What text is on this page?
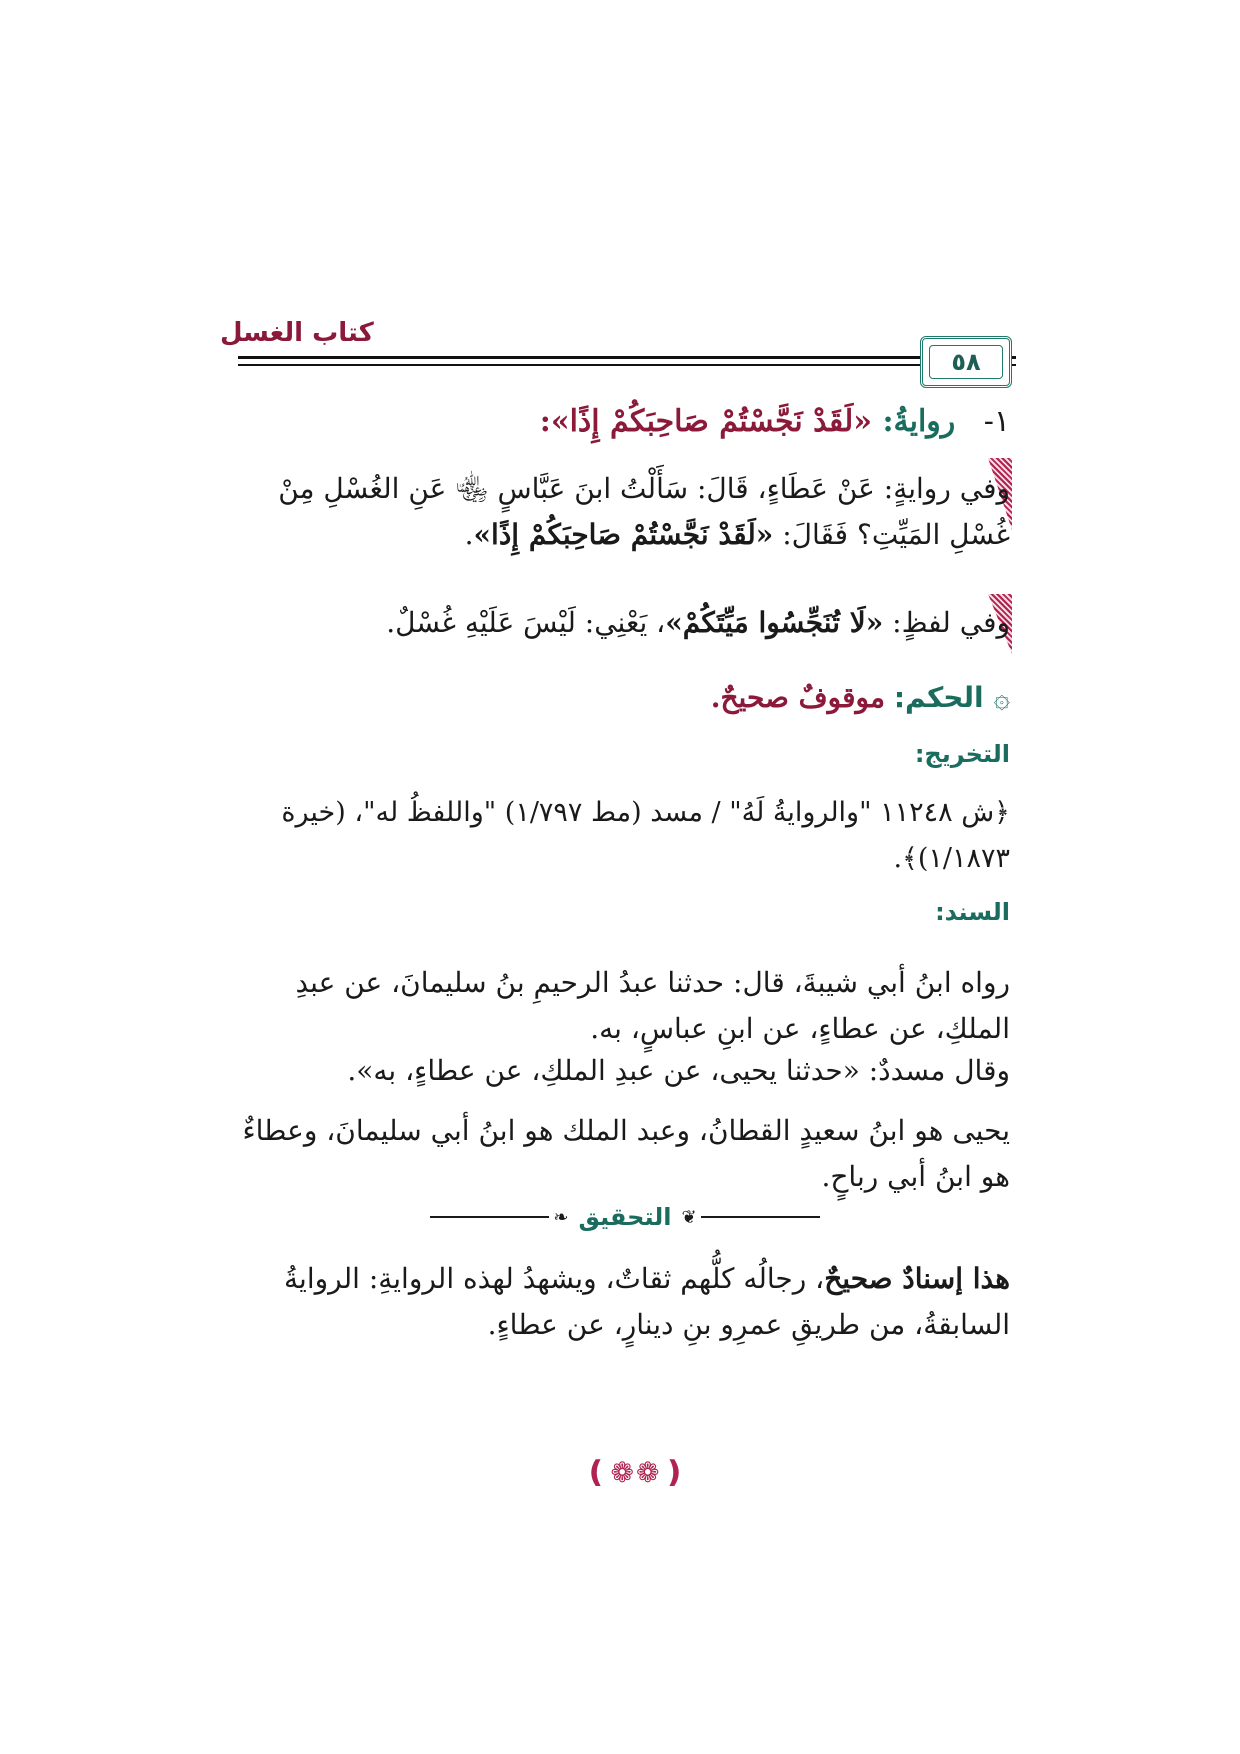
كتاب الغسل
٥٨
١- روايةُ: «لَقَدْ نَجَّسْتُمْ صَاحِبَكُمْ إِذًا»:
وفي روايةٍ: عَنْ عَطَاءٍ، قَالَ: سَأَلْتُ ابنَ عَبَّاسٍ ﵄ عَنِ الغُسْلِ مِنْ غُسْلِ المَيِّتِ؟ فَقَالَ: «لَقَدْ نَجَّسْتُمْ صَاحِبَكُمْ إِذًا».
وفي لفظٍ: «لَا تُنَجِّسُوا مَيِّتَكُمْ»، يَعْنِي: لَيْسَ عَلَيْهِ غُسْلٌ.
۞الحكم: موقوفٌ صحيحٌ.
التخريج:
﴿ش ١١٢٤٨ "والروايةُ لَهُ" / مسد (مط ١/٧٩٧) "واللفظُ له"، (خيرة ١/١٨٧٣)﴾.
السند:
رواه ابنُ أبي شيبةَ، قال: حدثنا عبدُ الرحيمِ بنُ سليمانَ، عن عبدِ الملكِ، عن عطاءٍ، عن ابنِ عباسٍ، به.
وقال مسددٌ: «حدثنا يحيى، عن عبدِ الملكِ، عن عطاءٍ، به».
يحيى هو ابنُ سعيدٍ القطانُ، وعبد الملك هو ابنُ أبي سليمانَ، وعطاءٌ هو ابنُ أبي رباحٍ.
❦
التحقيق
❧
هذا إسنادٌ صحيحٌ، رجالُه كلُّهم ثقاتٌ، ويشهدُ لهذه الروايةِ: الروايةُ السابقةُ، من طريقِ عمرِو بنِ دينارٍ، عن عطاءٍ.
❪ ❁ ❁ ❫
